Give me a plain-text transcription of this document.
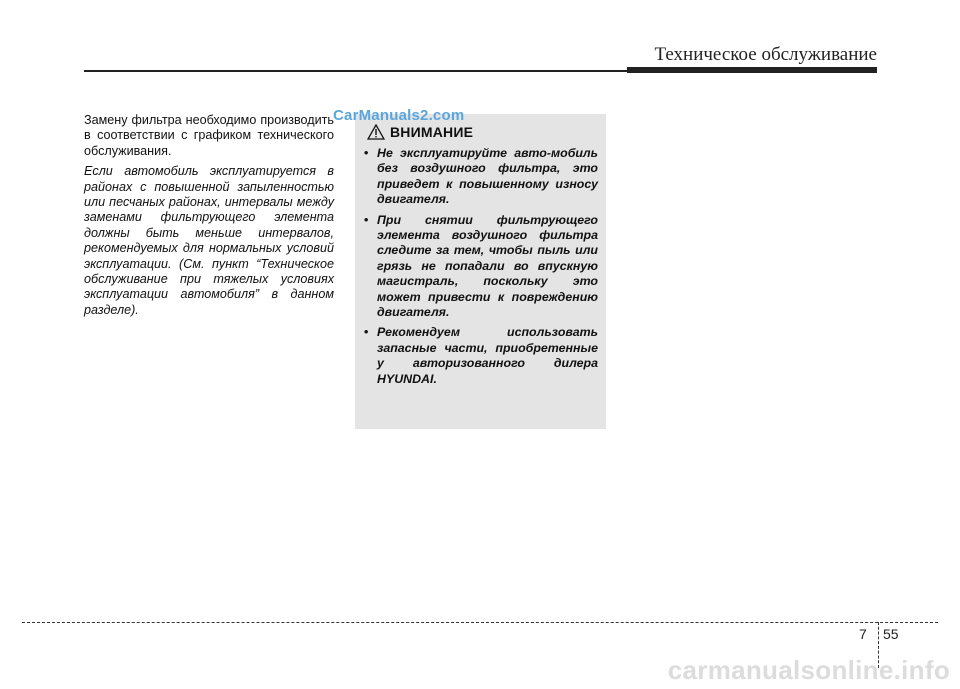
Техническое обслуживание

Замену фильтра необходимо производить в соответствии с графиком технического обслуживания.

Если автомобиль эксплуатируется в районах с повышенной запыленностью или песчаных районах, интервалы между заменами фильтрующего элемента должны быть меньше интервалов, рекомендуемых для нормальных условий эксплуатации. (См. пункт “Техническое обслуживание при тяжелых условиях эксплуатации автомобиля” в данном разделе).

ВНИМАНИЕ
• Не эксплуатируйте авто-мобиль без воздушного фильтра, это приведет к повышенному износу двигателя.
• При снятии фильтрующего элемента воздушного фильтра следите за тем, чтобы пыль или грязь не попадали во впускную магистраль, поскольку это может привести к повреждению двигателя.
• Рекомендуем использовать запасные части, приобретенные у авторизованного дилера HYUNDAI.
CarManuals2.com
7 55
carmanualsonline.info
